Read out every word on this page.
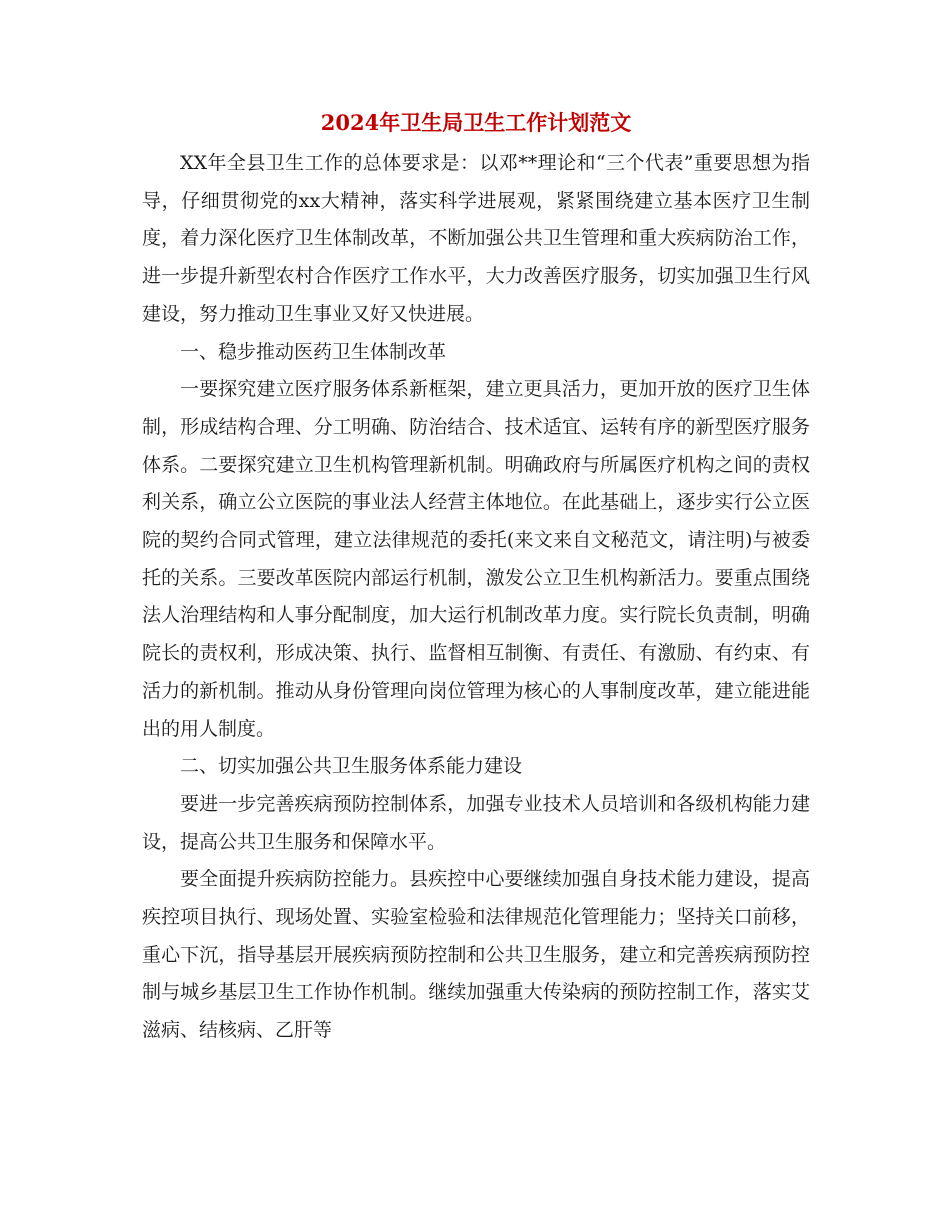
2024年卫生局卫生工作计划范文

XX年全县卫生工作的总体要求是：以邓**理论和“三个代表”重要思想为指导，仔细贯彻党的xx大精神，落实科学进展观，紧紧围绕建立基本医疗卫生制度，着力深化医疗卫生体制改革，不断加强公共卫生管理和重大疾病防治工作，进一步提升新型农村合作医疗工作水平，大力改善医疗服务，切实加强卫生行风建设，努力推动卫生事业又好又快进展。

一、稳步推动医药卫生体制改革

一要探究建立医疗服务体系新框架，建立更具活力，更加开放的医疗卫生体制，形成结构合理、分工明确、防治结合、技术适宜、运转有序的新型医疗服务体系。二要探究建立卫生机构管理新机制。明确政府与所属医疗机构之间的责权利关系，确立公立医院的事业法人经营主体地位。在此基础上，逐步实行公立医院的契约合同式管理，建立法律规范的委托(来文来自文秘范文，请注明)与被委托的关系。三要改革医院内部运行机制，激发公立卫生机构新活力。要重点围绕法人治理结构和人事分配制度，加大运行机制改革力度。实行院长负责制，明确院长的责权利，形成决策、执行、监督相互制衡、有责任、有激励、有约束、有活力的新机制。推动从身份管理向岗位管理为核心的人事制度改革，建立能进能出的用人制度。

二、切实加强公共卫生服务体系能力建设

要进一步完善疾病预防控制体系，加强专业技术人员培训和各级机构能力建设，提高公共卫生服务和保障水平。

要全面提升疾病防控能力。县疾控中心要继续加强自身技术能力建设，提高疾控项目执行、现场处置、实验室检验和法律规范化管理能力；坚持关口前移，重心下沉，指导基层开展疾病预防控制和公共卫生服务，建立和完善疾病预防控制与城乡基层卫生工作协作机制。继续加强重大传染病的预防控制工作，落实艾滋病、结核病、乙肝等
